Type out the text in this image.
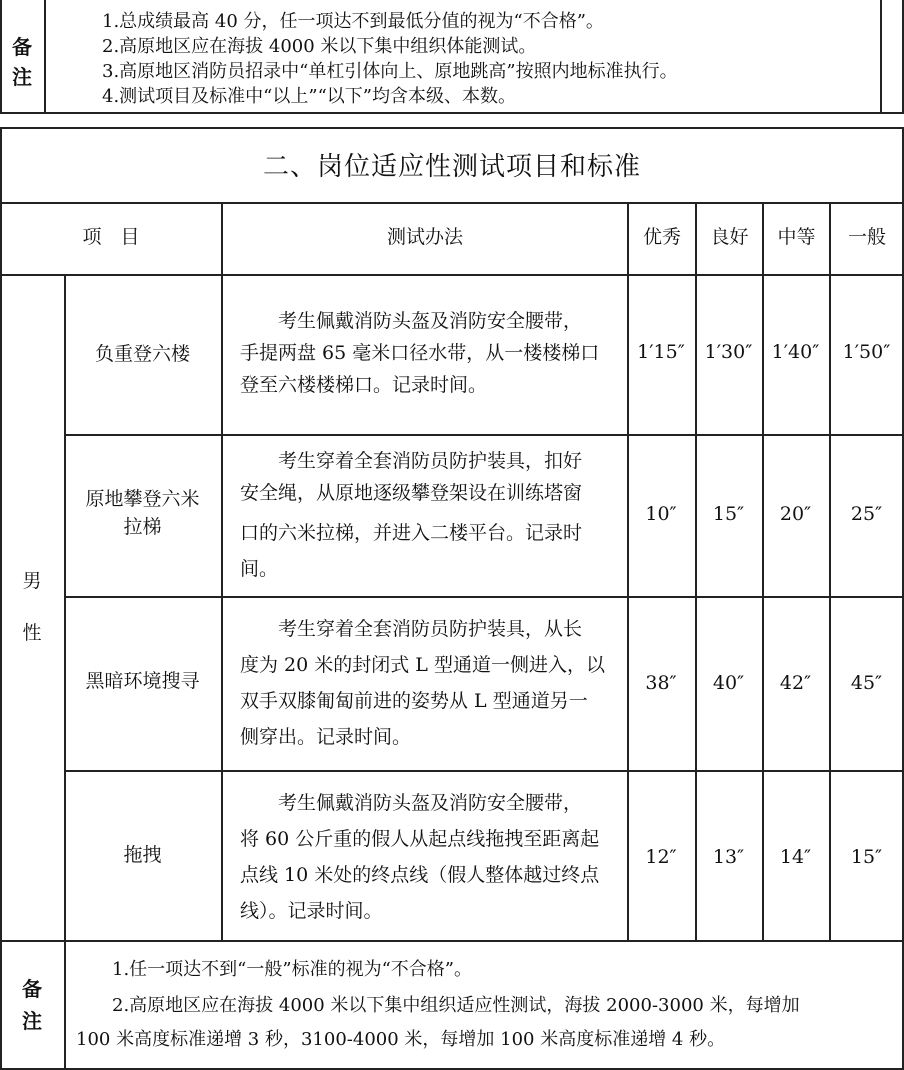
备
注
1.总成绩最高 40 分，任一项达不到最低分值的视为“不合格”。
2.高原地区应在海拔 4000 米以下集中组织体能测试。
3.高原地区消防员招录中“单杠引体向上、原地跳高”按照内地标准执行。
4.测试项目及标准中“以上”“以下”均含本级、本数。
二、岗位适应性测试项目和标准
项　目	测试办法	优秀	良好	中等	一般
男
性
负重登六楼
　　考生佩戴消防头盔及消防安全腰带，
手提两盘 65 毫米口径水带，从一楼楼梯口
登至六楼楼梯口。记录时间。
1′15″	1′30″	1′40″	1′50″
原地攀登六米
拉梯
　　考生穿着全套消防员防护装具，扣好
安全绳，从原地逐级攀登架设在训练塔窗
口的六米拉梯，并进入二楼平台。记录时
间。
10″	15″	20″	25″
黑暗环境搜寻
　　考生穿着全套消防员防护装具，从长
度为 20 米的封闭式 L 型通道一侧进入，以
双手双膝匍匐前进的姿势从 L 型通道另一
侧穿出。记录时间。
38″	40″	42″	45″
拖拽
　　考生佩戴消防头盔及消防安全腰带，
将 60 公斤重的假人从起点线拖拽至距离起
点线 10 米处的终点线（假人整体越过终点
线）。记录时间。
12″	13″	14″	15″
备
注
　　1.任一项达不到“一般”标准的视为“不合格”。
　　2.高原地区应在海拔 4000 米以下集中组织适应性测试，海拔 2000-3000 米，每增加
100 米高度标准递增 3 秒，3100-4000 米，每增加 100 米高度标准递增 4 秒。
